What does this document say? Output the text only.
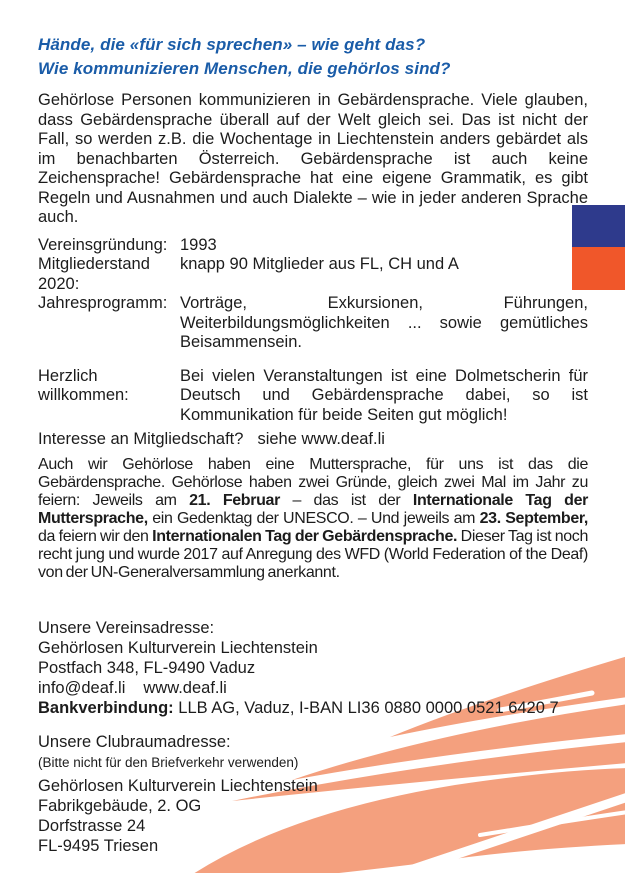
Hände, die «für sich sprechen» – wie geht das?
Wie kommunizieren Menschen, die gehörlos sind?

Gehörlose Personen kommunizieren in Gebärdensprache. Viele glauben, dass Gebärdensprache überall auf der Welt gleich sei. Das ist nicht der Fall, so werden z.B. die Wochentage in Liechtenstein anders gebärdet als im benachbarten Österreich. Gebärdensprache ist auch keine Zeichensprache! Gebärdensprache hat eine eigene Grammatik, es gibt Regeln und Ausnahmen und auch Dialekte – wie in jeder anderen Sprache auch.

Vereinsgründung: 1993
Mitgliederstand 2020:
knapp 90 Mitglieder aus FL, CH und A
Jahresprogramm: Vorträge, Exkursionen, Führungen, Weiterbildungsmöglichkeiten ... sowie gemütliches Beisammensein.
Herzlich willkommen:
Bei vielen Veranstaltungen ist eine Dolmetscherin für Deutsch und Gebärdensprache dabei, so ist Kommunikation für beide Seiten gut möglich!
Interesse an Mitgliedschaft? siehe www.deaf.li

Auch wir Gehörlose haben eine Muttersprache, für uns ist das die Gebärdensprache. Gehörlose haben zwei Gründe, gleich zwei Mal im Jahr zu feiern: Jeweils am 21. Februar – das ist der Internationale Tag der Muttersprache, ein Gedenktag der UNESCO. – Und jeweils am 23. September, da feiern wir den Internationalen Tag der Gebärdensprache. Dieser Tag ist noch recht jung und wurde 2017 auf Anregung des WFD (World Federation of the Deaf) von der UN-Generalversammlung anerkannt.

Unsere Vereinsadresse:
Gehörlosen Kulturverein Liechtenstein
Postfach 348, FL-9490 Vaduz
info@deaf.li www.deaf.li
Bankverbindung: LLB AG, Vaduz, I-BAN LI36 0880 0000 0521 6420 7
Unsere Clubraumadresse:
(Bitte nicht für den Briefverkehr verwenden)
Gehörlosen Kulturverein Liechtenstein
Fabrikgebäude, 2. OG
Dorfstrasse 24
FL-9495 Triesen
